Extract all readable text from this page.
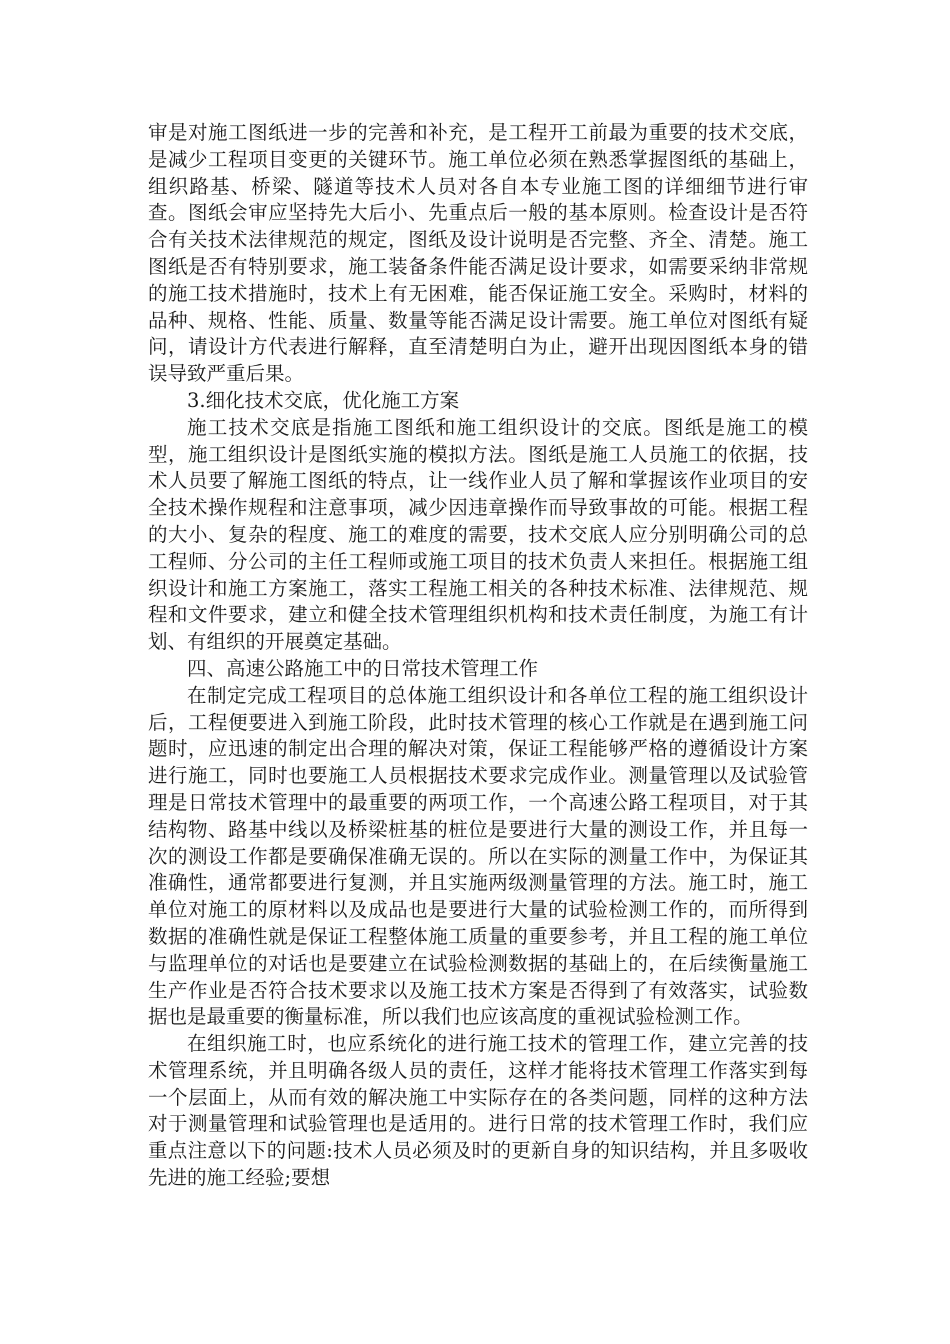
审是对施工图纸进一步的完善和补充，是工程开工前最为重要的技术交底，是减少工程项目变更的关键环节。施工单位必须在熟悉掌握图纸的基础上，组织路基、桥梁、隧道等技术人员对各自本专业施工图的详细细节进行审查。图纸会审应坚持先大后小、先重点后一般的基本原则。检查设计是否符合有关技术法律规范的规定，图纸及设计说明是否完整、齐全、清楚。施工图纸是否有特别要求，施工装备条件能否满足设计要求，如需要采纳非常规的施工技术措施时，技术上有无困难，能否保证施工安全。采购时，材料的品种、规格、性能、质量、数量等能否满足设计需要。施工单位对图纸有疑问，请设计方代表进行解释，直至清楚明白为止，避开出现因图纸本身的错误导致严重后果。

3.细化技术交底，优化施工方案

施工技术交底是指施工图纸和施工组织设计的交底。图纸是施工的模型，施工组织设计是图纸实施的模拟方法。图纸是施工人员施工的依据，技术人员要了解施工图纸的特点，让一线作业人员了解和掌握该作业项目的安全技术操作规程和注意事项，减少因违章操作而导致事故的可能。根据工程的大小、复杂的程度、施工的难度的需要，技术交底人应分别明确公司的总工程师、分公司的主任工程师或施工项目的技术负责人来担任。根据施工组织设计和施工方案施工，落实工程施工相关的各种技术标准、法律规范、规程和文件要求，建立和健全技术管理组织机构和技术责任制度，为施工有计划、有组织的开展奠定基础。

四、高速公路施工中的日常技术管理工作

在制定完成工程项目的总体施工组织设计和各单位工程的施工组织设计后，工程便要进入到施工阶段，此时技术管理的核心工作就是在遇到施工问题时，应迅速的制定出合理的解决对策，保证工程能够严格的遵循设计方案进行施工，同时也要施工人员根据技术要求完成作业。测量管理以及试验管理是日常技术管理中的最重要的两项工作，一个高速公路工程项目，对于其结构物、路基中线以及桥梁桩基的桩位是要进行大量的测设工作，并且每一次的测设工作都是要确保准确无误的。所以在实际的测量工作中，为保证其准确性，通常都要进行复测，并且实施两级测量管理的方法。施工时，施工单位对施工的原材料以及成品也是要进行大量的试验检测工作的，而所得到数据的准确性就是保证工程整体施工质量的重要参考，并且工程的施工单位与监理单位的对话也是要建立在试验检测数据的基础上的，在后续衡量施工生产作业是否符合技术要求以及施工技术方案是否得到了有效落实，试验数据也是最重要的衡量标准，所以我们也应该高度的重视试验检测工作。

在组织施工时，也应系统化的进行施工技术的管理工作，建立完善的技术管理系统，并且明确各级人员的责任，这样才能将技术管理工作落实到每一个层面上，从而有效的解决施工中实际存在的各类问题，同样的这种方法对于测量管理和试验管理也是适用的。进行日常的技术管理工作时，我们应重点注意以下的问题:技术人员必须及时的更新自身的知识结构，并且多吸收先进的施工经验;要想
